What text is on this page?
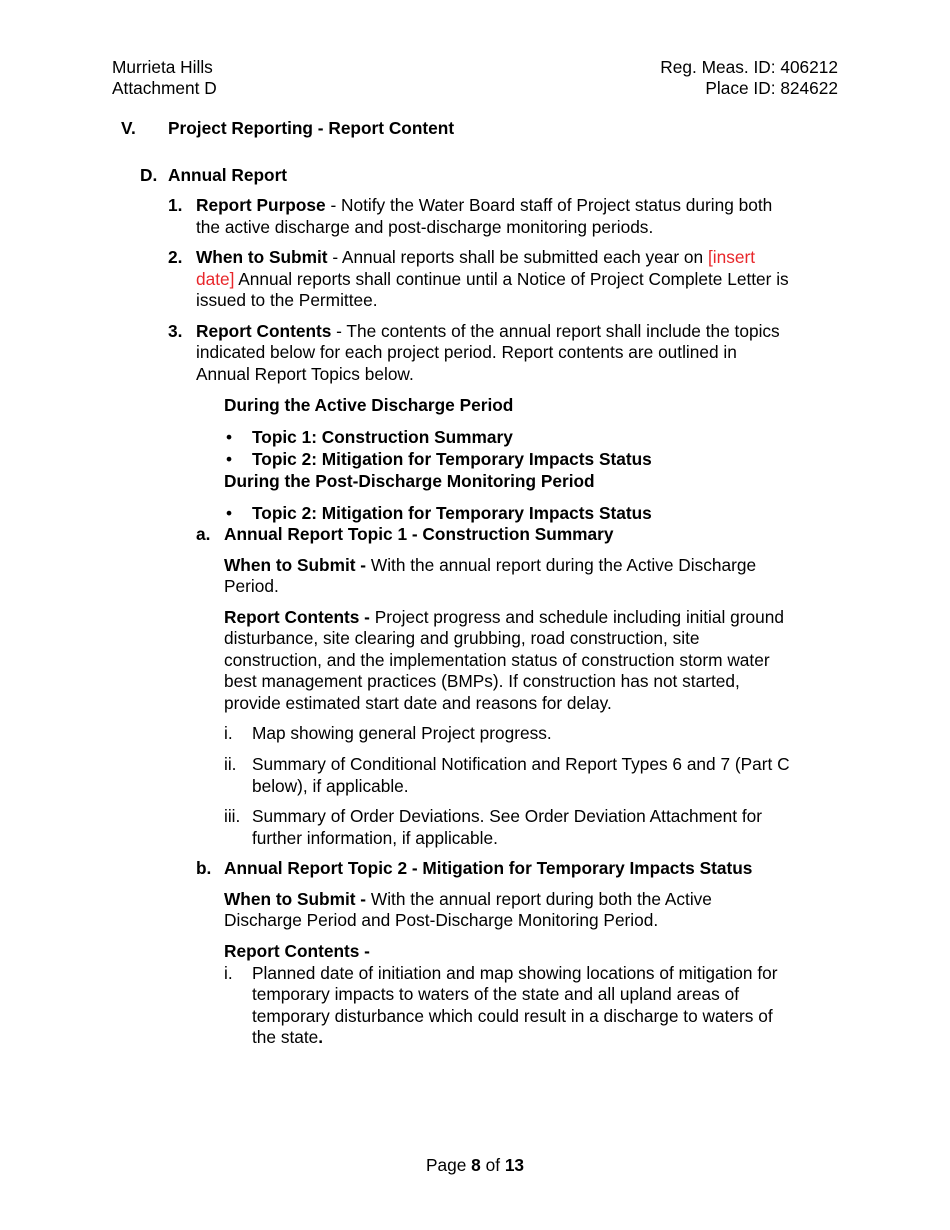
Murrieta Hills
Attachment D
Reg. Meas. ID: 406212
Place ID: 824622
V. Project Reporting - Report Content
D. Annual Report
1. Report Purpose - Notify the Water Board staff of Project status during both
the active discharge and post-discharge monitoring periods.
2. When to Submit - Annual reports shall be submitted each year on [insert
date] Annual reports shall continue until a Notice of Project Complete Letter is
issued to the Permittee.
3. Report Contents - The contents of the annual report shall include the topics
indicated below for each project period. Report contents are outlined in
Annual Report Topics below.
During the Active Discharge Period
• Topic 1: Construction Summary
• Topic 2: Mitigation for Temporary Impacts Status
During the Post-Discharge Monitoring Period
• Topic 2: Mitigation for Temporary Impacts Status
a. Annual Report Topic 1 - Construction Summary
When to Submit - With the annual report during the Active Discharge
Period.
Report Contents - Project progress and schedule including initial ground
disturbance, site clearing and grubbing, road construction, site
construction, and the implementation status of construction storm water
best management practices (BMPs). If construction has not started,
provide estimated start date and reasons for delay.
i. Map showing general Project progress.
ii. Summary of Conditional Notification and Report Types 6 and 7 (Part C
below), if applicable.
iii. Summary of Order Deviations. See Order Deviation Attachment for
further information, if applicable.
b. Annual Report Topic 2 - Mitigation for Temporary Impacts Status
When to Submit - With the annual report during both the Active
Discharge Period and Post-Discharge Monitoring Period.
Report Contents -
i. Planned date of initiation and map showing locations of mitigation for
temporary impacts to waters of the state and all upland areas of
temporary disturbance which could result in a discharge to waters of
the state.
Page 8 of 13
